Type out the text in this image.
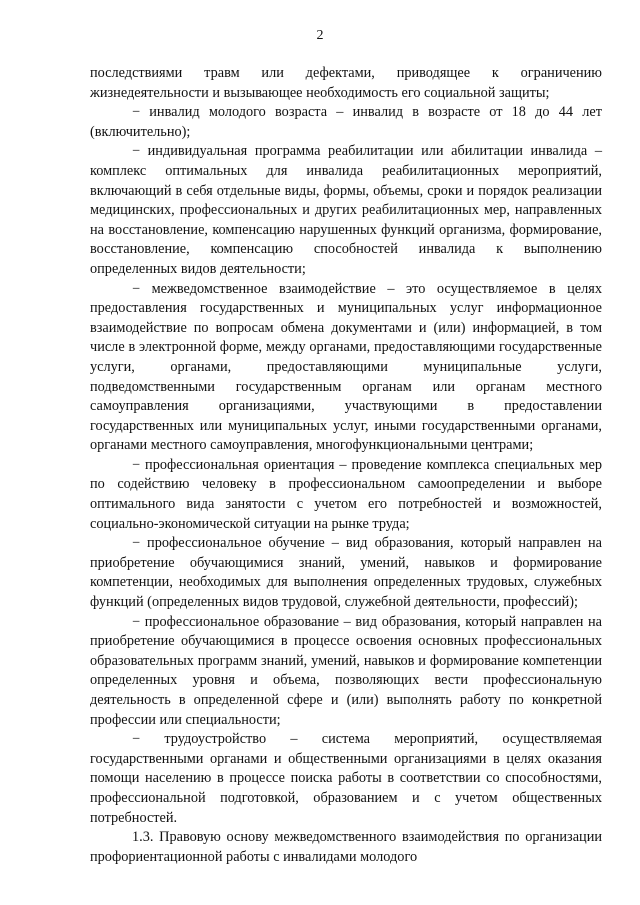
2

последствиями травм или дефектами, приводящее к ограничению жизнедеятельности и вызывающее необходимость его социальной защиты;

− инвалид молодого возраста – инвалид в возрасте от 18 до 44 лет (включительно);

− индивидуальная программа реабилитации или абилитации инвалида – комплекс оптимальных для инвалида реабилитационных мероприятий, включающий в себя отдельные виды, формы, объемы, сроки и порядок реализации медицинских, профессиональных и других реабилитационных мер, направленных на восстановление, компенсацию нарушенных функций организма, формирование, восстановление, компенсацию способностей инвалида к выполнению определенных видов деятельности;

− межведомственное взаимодействие – это осуществляемое в целях предоставления государственных и муниципальных услуг информационное взаимодействие по вопросам обмена документами и (или) информацией, в том числе в электронной форме, между органами, предоставляющими государственные услуги, органами, предоставляющими муниципальные услуги, подведомственными государственным органам или органам местного самоуправления организациями, участвующими в предоставлении государственных или муниципальных услуг, иными государственными органами, органами местного самоуправления, многофункциональными центрами;

− профессиональная ориентация – проведение комплекса специальных мер по содействию человеку в профессиональном самоопределении и выборе оптимального вида занятости с учетом его потребностей и возможностей, социально-экономической ситуации на рынке труда;

− профессиональное обучение – вид образования, который направлен на приобретение обучающимися знаний, умений, навыков и формирование компетенции, необходимых для выполнения определенных трудовых, служебных функций (определенных видов трудовой, служебной деятельности, профессий);

− профессиональное образование – вид образования, который направлен на приобретение обучающимися в процессе освоения основных профессиональных образовательных программ знаний, умений, навыков и формирование компетенции определенных уровня и объема, позволяющих вести профессиональную деятельность в определенной сфере и (или) выполнять работу по конкретной профессии или специальности;

− трудоустройство – система мероприятий, осуществляемая государственными органами и общественными организациями в целях оказания помощи населению в процессе поиска работы в соответствии со способностями, профессиональной подготовкой, образованием и с учетом общественных потребностей.

1.3. Правовую основу межведомственного взаимодействия по организации профориентационной работы с инвалидами молодого
